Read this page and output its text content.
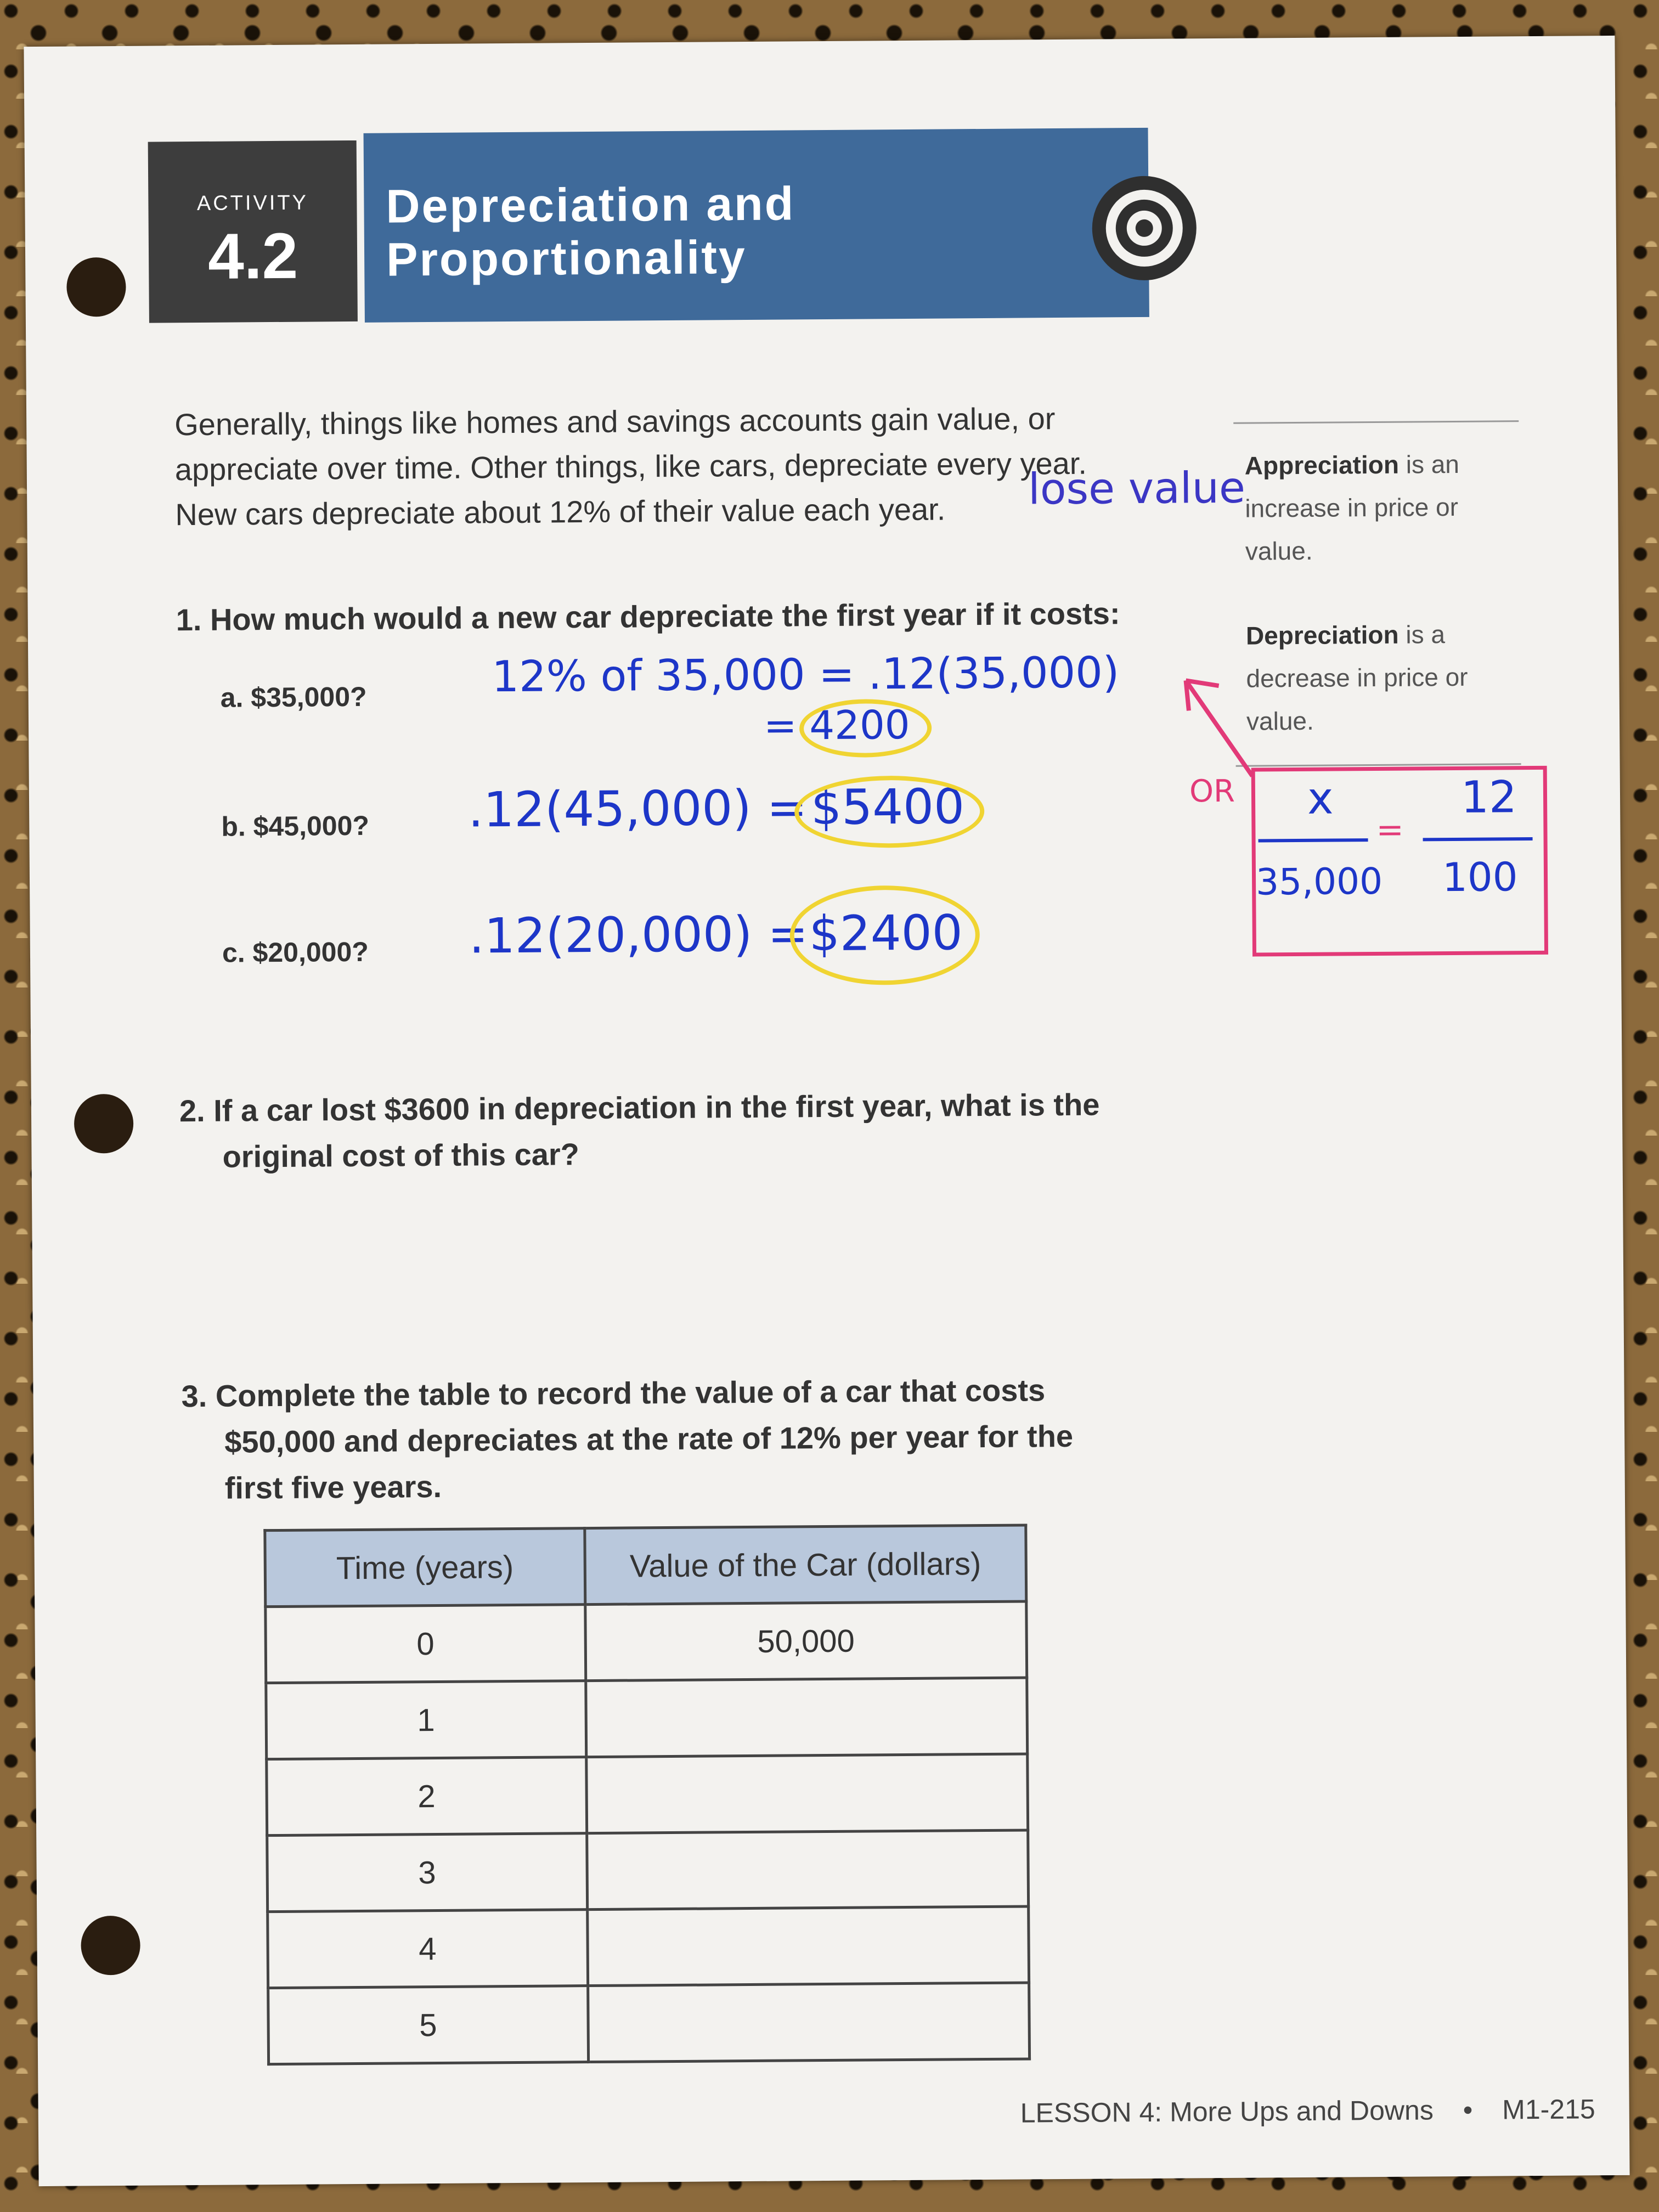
ACTIVITY
4.2
Depreciation and
Proportionality
Generally, things like homes and savings accounts gain value, or
appreciate over time. Other things, like cars, depreciate every year.
New cars depreciate about 12% of their value each year.	lose value
Appreciation is an increase in price or value.
Depreciation is a decrease in price or value.
1. How much would a new car depreciate the first year if it costs:
a. $35,000?	12% of 35,000 = .12(35,000)
= 4200
b. $45,000? .12(45,000) = $5400
c. $20,000? .12(20,000) = $2400
OR x
=
12
35,000 100
2. If a car lost $3600 in depreciation in the first year, what is the
original cost of this car?
3. Complete the table to record the value of a car that costs
$50,000 and depreciates at the rate of 12% per year for the
first five years.
Time (years)	Value of the Car (dollars)
0	50,000
1	
2	
3	
4	
5	
LESSON 4: More Ups and Downs • M1-215
